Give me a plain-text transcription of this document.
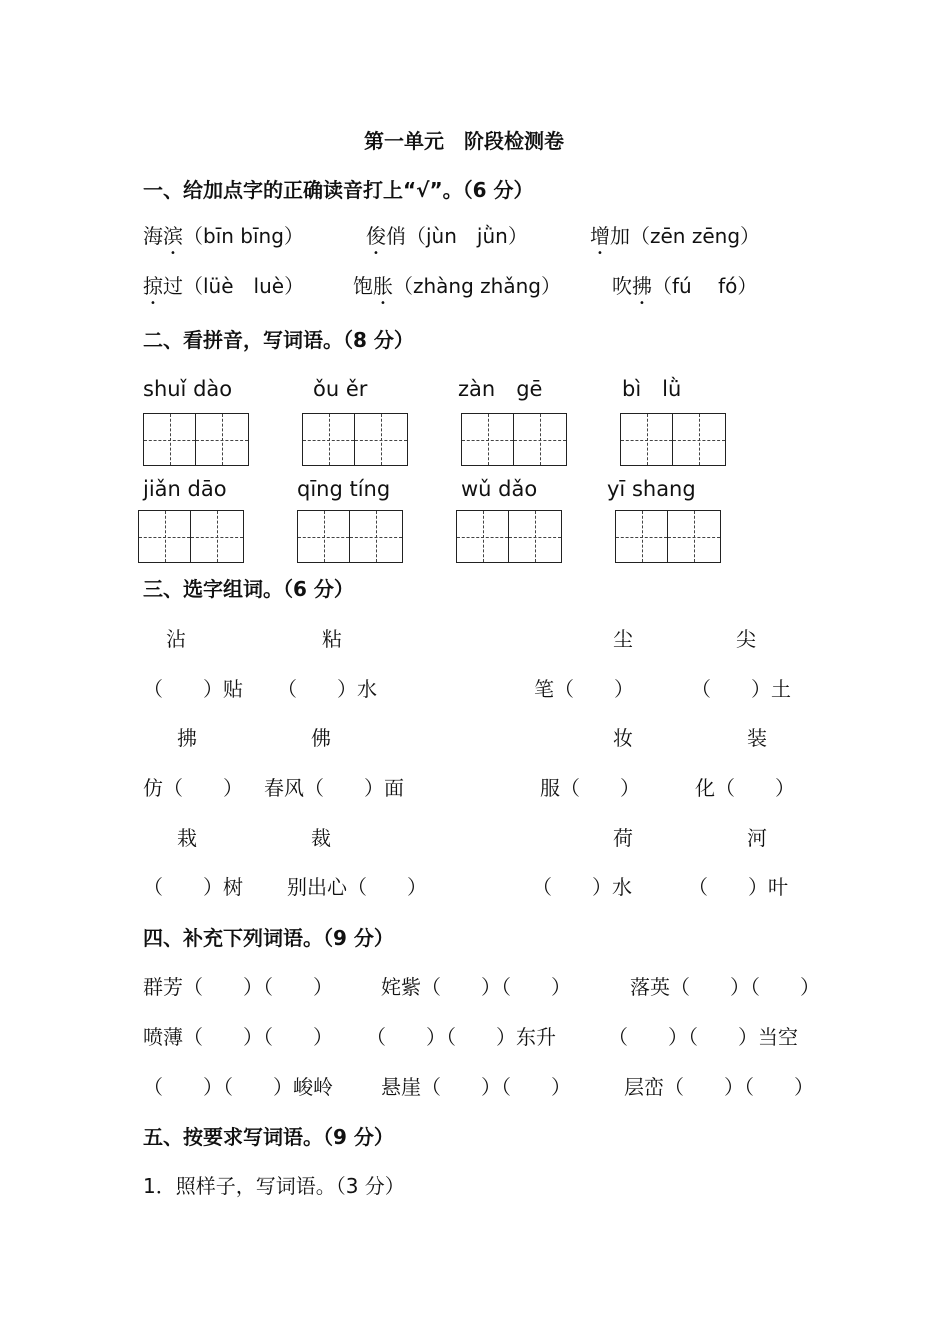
第一单元　阶段检测卷
一、给加点字的正确读音打上“√”。（6 分）
海滨（bīn bīng）	俊俏（jùn　jǜn）	增加（zēn zēng）
掠过（lüè　luè） 饱胀（zhàng zhǎng）	吹拂（fú　 fó）
二、看拼音，写词语。（8 分）
shuǐ dào	ǒu ěr	zàn　gē	bì　lǜ
jiǎn dāo	qīng tíng	wǔ dǎo	yī shang
三、选字组词。（6 分）
沾	粘	尘	尖
（　　）贴 （　　）水	笔（　　）	（　　）土
拂	佛	妆	装
仿（　　） 春风（　　）面	服（　　）	化（　　）
栽	裁	荷	河
（　　）树 别出心（　　）	（　　）水	（　　）叶
四、补充下列词语。（9 分）
群芳（　　）（　　） 姹紫（　　）（　　）	落英（　　）（　　）
喷薄（　　）（　　） （　　）（　　）东升	（　　）（　　）当空
（　　）（　　）峻岭 悬崖（　　）（　　）	层峦（　　）（　　）
五、按要求写词语。（9 分）
1．照样子，写词语。（3 分）
